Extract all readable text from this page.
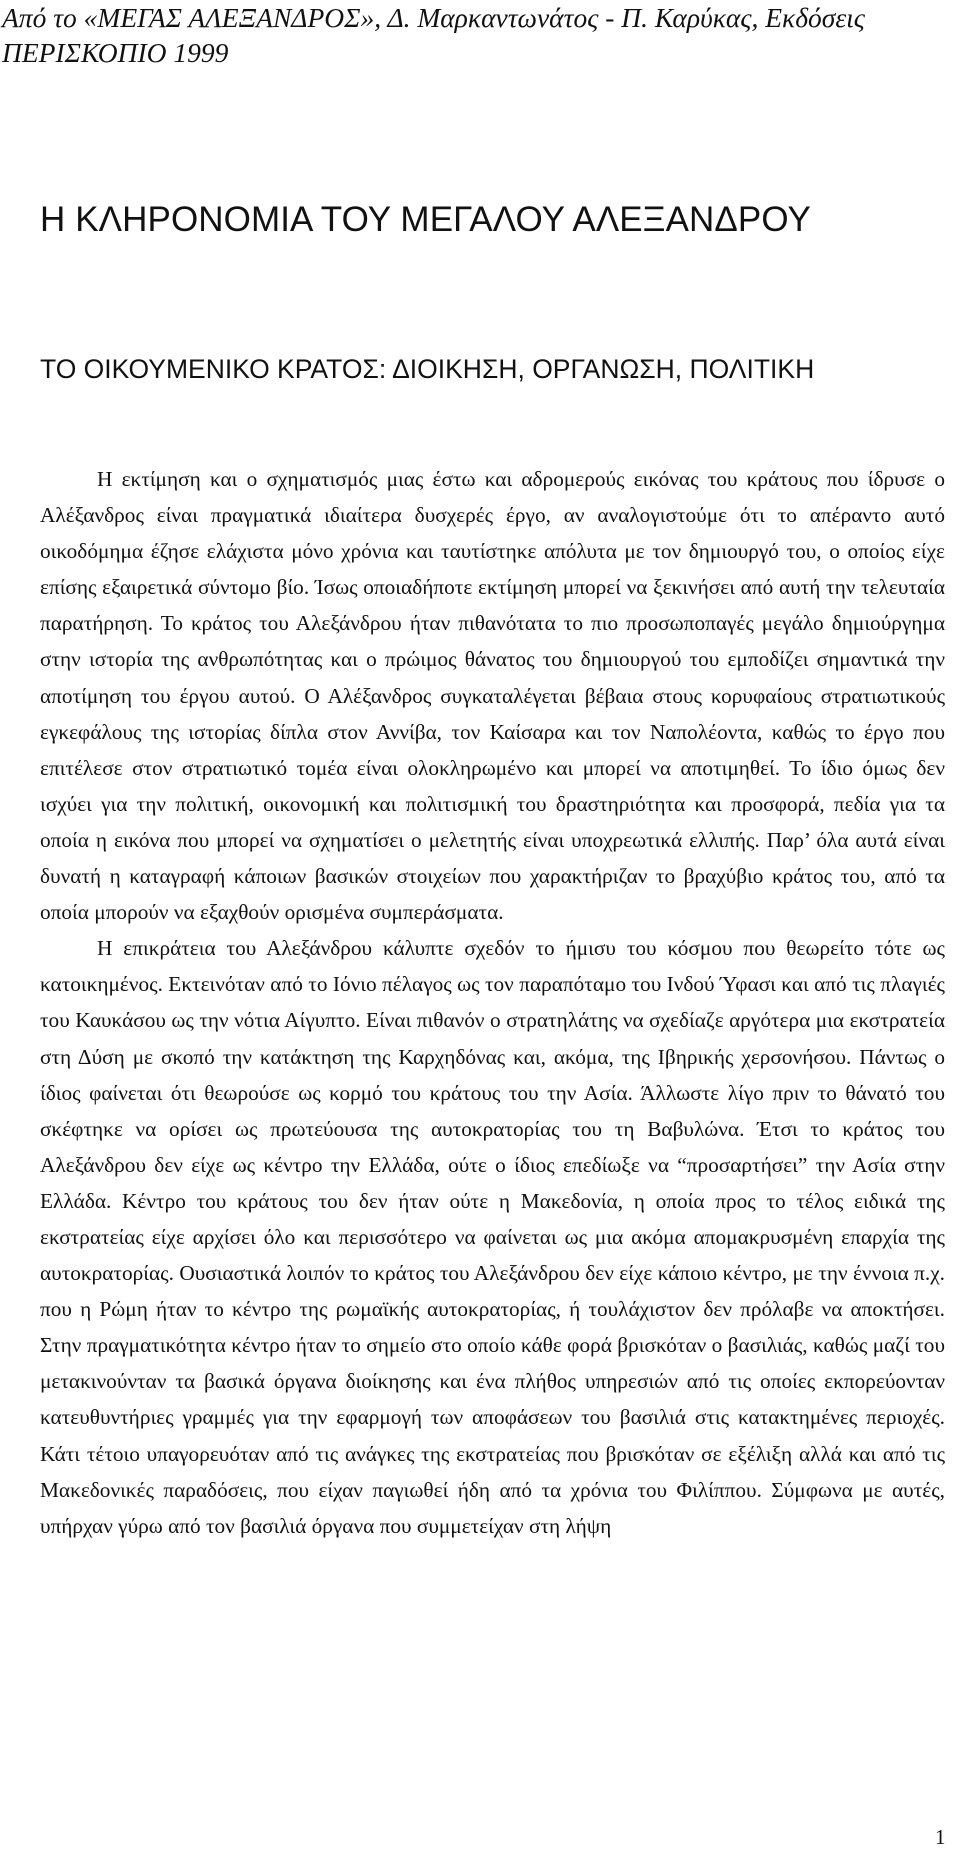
Από το «ΜΕΓΑΣ ΑΛΕΞΑΝΔΡΟΣ», Δ. Μαρκαντωνάτος - Π. Καρύκας, Εκδόσεις
ΠΕΡΙΣΚΟΠΙΟ 1999
Η ΚΛΗΡΟΝΟΜΙΑ ΤΟΥ ΜΕΓΑΛΟΥ ΑΛΕΞΑΝΔΡΟΥ
ΤΟ ΟΙΚΟΥΜΕΝΙΚΟ ΚΡΑΤΟΣ: ΔΙΟΙΚΗΣΗ, ΟΡΓΑΝΩΣΗ, ΠΟΛΙΤΙΚΗ

Η εκτίμηση και ο σχηματισμός μιας έστω και αδρομερούς εικόνας του κράτους που ίδρυσε ο Αλέξανδρος είναι πραγματικά ιδιαίτερα δυσχερές έργο, αν αναλογιστούμε ότι το απέραντο αυτό οικοδόμημα έζησε ελάχιστα μόνο χρόνια και ταυτίστηκε απόλυτα με τον δημιουργό του, ο οποίος είχε επίσης εξαιρετικά σύντομο βίο. Ίσως οποιαδήποτε εκτίμηση μπορεί να ξεκινήσει από αυτή την τελευταία παρατήρηση. Το κράτος του Αλεξάνδρου ήταν πιθανότατα το πιο προσωποπαγές μεγάλο δημιούργημα στην ιστορία της ανθρωπότητας και ο πρώιμος θάνατος του δημιουργού του εμποδίζει σημαντικά την αποτίμηση του έργου αυτού. Ο Αλέξανδρος συγκαταλέγεται βέβαια στους κορυφαίους στρατιωτικούς εγκεφάλους της ιστορίας δίπλα στον Αννίβα, τον Καίσαρα και τον Ναπολέοντα, καθώς το έργο που επιτέλεσε στον στρατιωτικό τομέα είναι ολοκληρωμένο και μπορεί να αποτιμηθεί. Το ίδιο όμως δεν ισχύει για την πολιτική, οικονομική και πολιτισμική του δραστηριότητα και προσφορά, πεδία για τα οποία η εικόνα που μπορεί να σχηματίσει ο μελετητής είναι υποχρεωτικά ελλιπής. Παρ’ όλα αυτά είναι δυνατή η καταγραφή κάποιων βασικών στοιχείων που χαρακτήριζαν το βραχύβιο κράτος του, από τα οποία μπορούν να εξαχθούν ορισμένα συμπεράσματα.

Η επικράτεια του Αλεξάνδρου κάλυπτε σχεδόν το ήμισυ του κόσμου που θεωρείτο τότε ως κατοικημένος. Εκτεινόταν από το Ιόνιο πέλαγος ως τον παραπόταμο του Ινδού Ύφασι και από τις πλαγιές του Καυκάσου ως την νότια Αίγυπτο. Είναι πιθανόν ο στρατηλάτης να σχεδίαζε αργότερα μια εκστρατεία στη Δύση με σκοπό την κατάκτηση της Καρχηδόνας και, ακόμα, της Ιβηρικής χερσονήσου. Πάντως ο ίδιος φαίνεται ότι θεωρούσε ως κορμό του κράτους του την Ασία. Άλλωστε λίγο πριν το θάνατό του σκέφτηκε να ορίσει ως πρωτεύουσα της αυτοκρατορίας του τη Βαβυλώνα. Έτσι το κράτος του Αλεξάνδρου δεν είχε ως κέντρο την Ελλάδα, ούτε ο ίδιος επεδίωξε να “προσαρτήσει” την Ασία στην Ελλάδα. Κέντρο του κράτους του δεν ήταν ούτε η Μακεδονία, η οποία προς το τέλος ειδικά της εκστρατείας είχε αρχίσει όλο και περισσότερο να φαίνεται ως μια ακόμα απομακρυσμένη επαρχία της αυτοκρατορίας. Ουσιαστικά λοιπόν το κράτος του Αλεξάνδρου δεν είχε κάποιο κέντρο, με την έννοια π.χ. που η Ρώμη ήταν το κέντρο της ρωμαϊκής αυτοκρατορίας, ή τουλάχιστον δεν πρόλαβε να αποκτήσει. Στην πραγματικότητα κέντρο ήταν το σημείο στο οποίο κάθε φορά βρισκόταν ο βασιλιάς, καθώς μαζί του μετακινούνταν τα βασικά όργανα διοίκησης και ένα πλήθος υπηρεσιών από τις οποίες εκπορεύονταν κατευθυντήριες γραμμές για την εφαρμογή των αποφάσεων του βασιλιά στις κατακτημένες περιοχές. Κάτι τέτοιο υπαγορευόταν από τις ανάγκες της εκστρατείας που βρισκόταν σε εξέλιξη αλλά και από τις Μακεδονικές παραδόσεις, που είχαν παγιωθεί ήδη από τα χρόνια του Φιλίππου. Σύμφωνα με αυτές, υπήρχαν γύρω από τον βασιλιά όργανα που συμμετείχαν στη λήψη

1
